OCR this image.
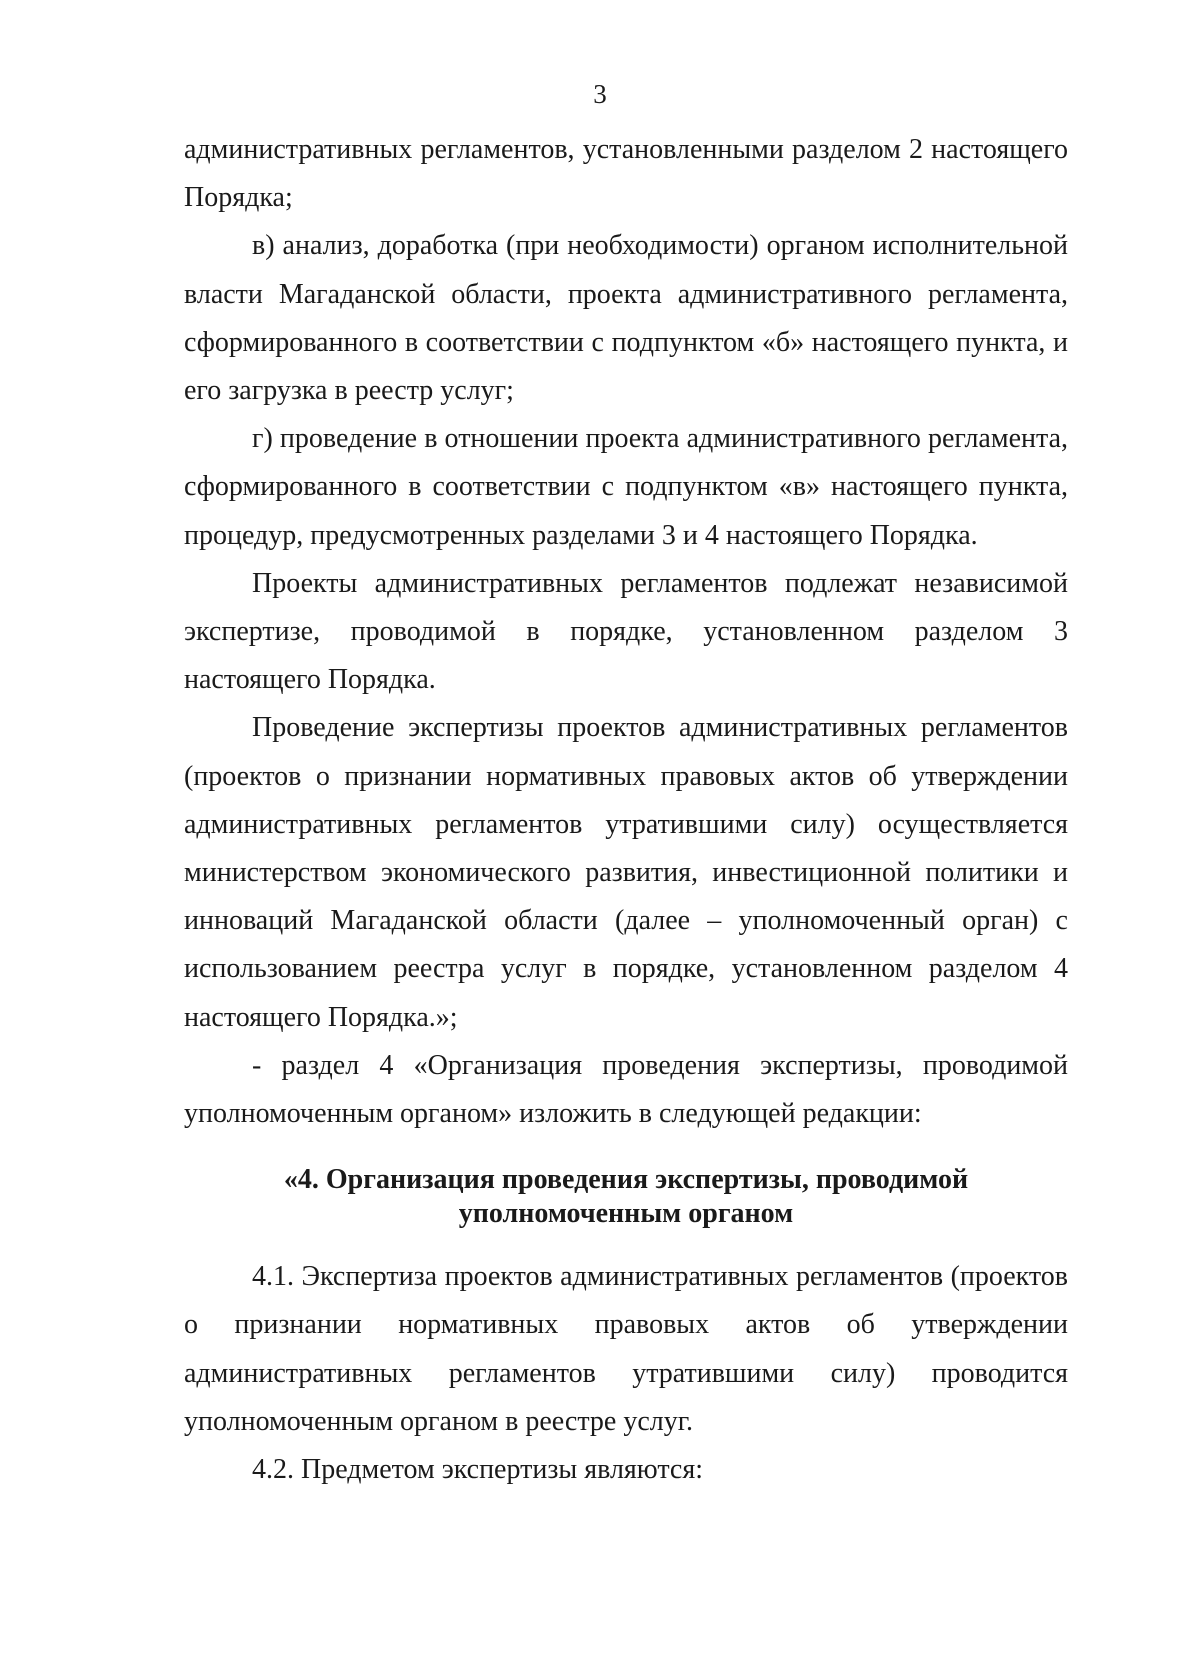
3

административных регламентов, установленными разделом 2 настоящего Порядка;

в) анализ, доработка (при необходимости) органом исполнительной власти Магаданской области, проекта административного регламента, сформированного в соответствии с подпунктом «б» настоящего пункта, и его загрузка в реестр услуг;

г) проведение в отношении проекта административного регламента, сформированного в соответствии с подпунктом «в» настоящего пункта, процедур, предусмотренных разделами 3 и 4 настоящего Порядка.

Проекты административных регламентов подлежат независимой экспертизе, проводимой в порядке, установленном разделом 3 настоящего Порядка.

Проведение экспертизы проектов административных регламентов (проектов о признании нормативных правовых актов об утверждении административных регламентов утратившими силу) осуществляется министерством экономического развития, инвестиционной политики и инноваций Магаданской области (далее – уполномоченный орган) с использованием реестра услуг в порядке, установленном разделом 4 настоящего Порядка.»;

- раздел 4 «Организация проведения экспертизы, проводимой уполномоченным органом» изложить в следующей редакции:

«4. Организация проведения экспертизы, проводимой
уполномоченным органом

4.1. Экспертиза проектов административных регламентов (проектов о признании нормативных правовых актов об утверждении административных регламентов утратившими силу) проводится уполномоченным органом в реестре услуг.

4.2. Предметом экспертизы являются:
